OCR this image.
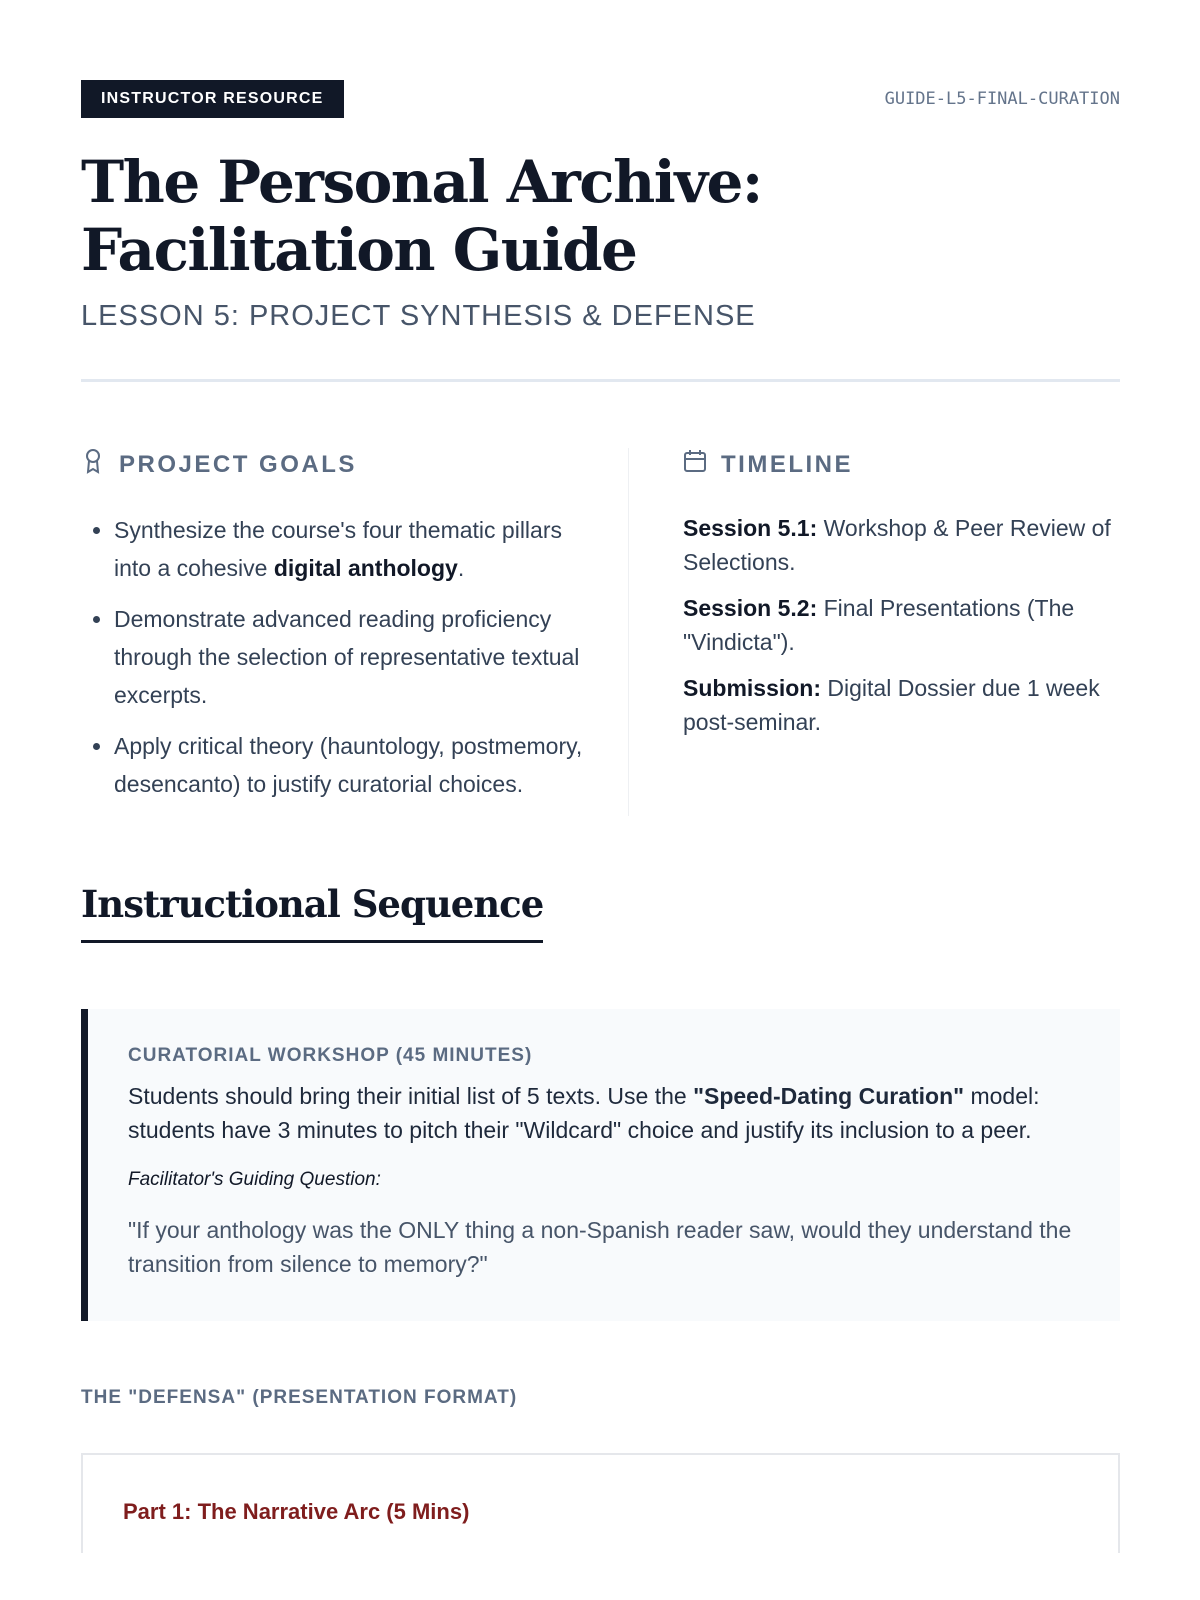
INSTRUCTOR RESOURCE	GUIDE-L5-FINAL-CURATION
The Personal Archive: Facilitation Guide
LESSON 5: PROJECT SYNTHESIS & DEFENSE
PROJECT GOALS
• Synthesize the course's four thematic pillars into a cohesive digital anthology.
• Demonstrate advanced reading proficiency through the selection of representative textual excerpts.
• Apply critical theory (hauntology, postmemory, desencanto) to justify curatorial choices.
TIMELINE

Session 5.1: Workshop & Peer Review of Selections.

Session 5.2: Final Presentations (The "Vindicta").

Submission: Digital Dossier due 1 week post-seminar.

Instructional Sequence
CURATORIAL WORKSHOP (45 MINUTES)
Students should bring their initial list of 5 texts. Use the "Speed-Dating Curation" model: students have 3 minutes to pitch their "Wildcard" choice and justify its inclusion to a peer.
Facilitator's Guiding Question:
"If your anthology was the ONLY thing a non-Spanish reader saw, would they understand the transition from silence to memory?"
THE "DEFENSA" (PRESENTATION FORMAT)
Part 1: The Narrative Arc (5 Mins)
